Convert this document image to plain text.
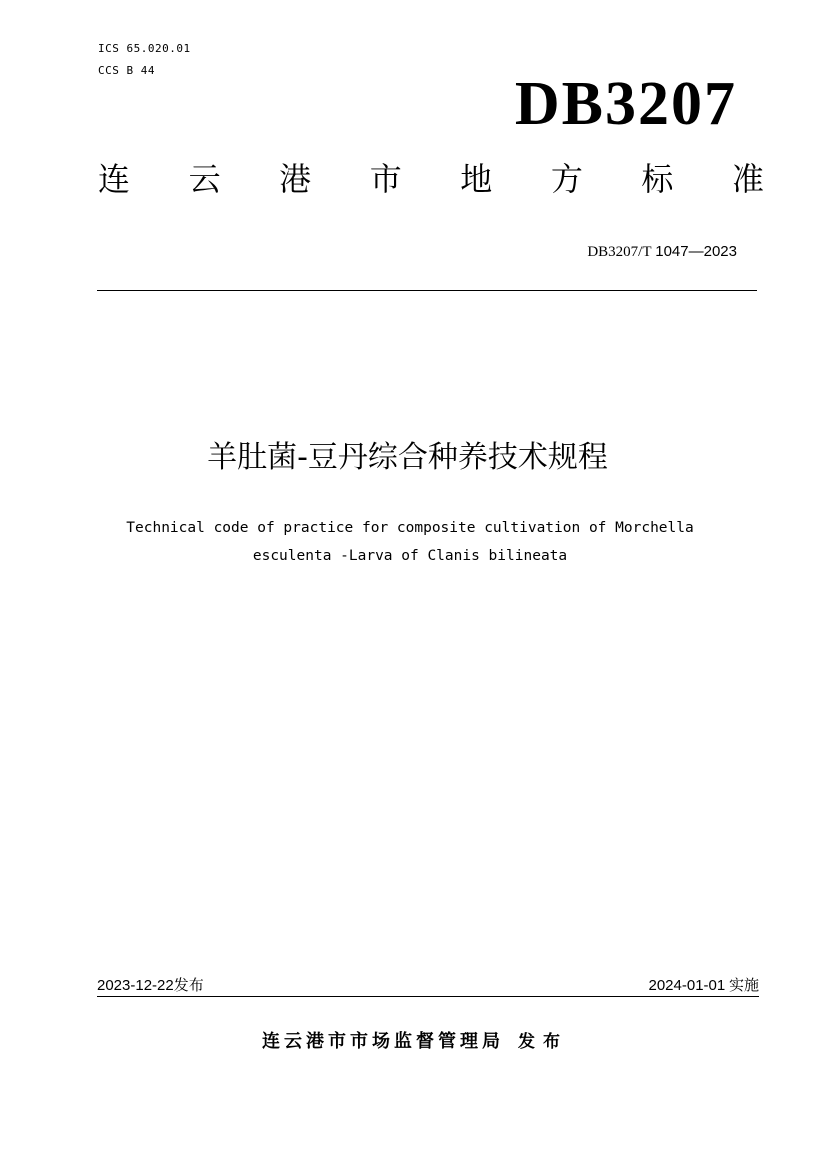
ICS 65.020.01
CCS B 44	DB3207
连 云 港 市 地 方 标 准
DB3207/T 1047—2023
羊肚菌-豆丹综合种养技术规程
Technical code of practice for composite cultivation of Morchella
esculenta -Larva of Clanis bilineata
2023-12-22发布	2024-01-01 实施
连云港市市场监督管理局 发布
